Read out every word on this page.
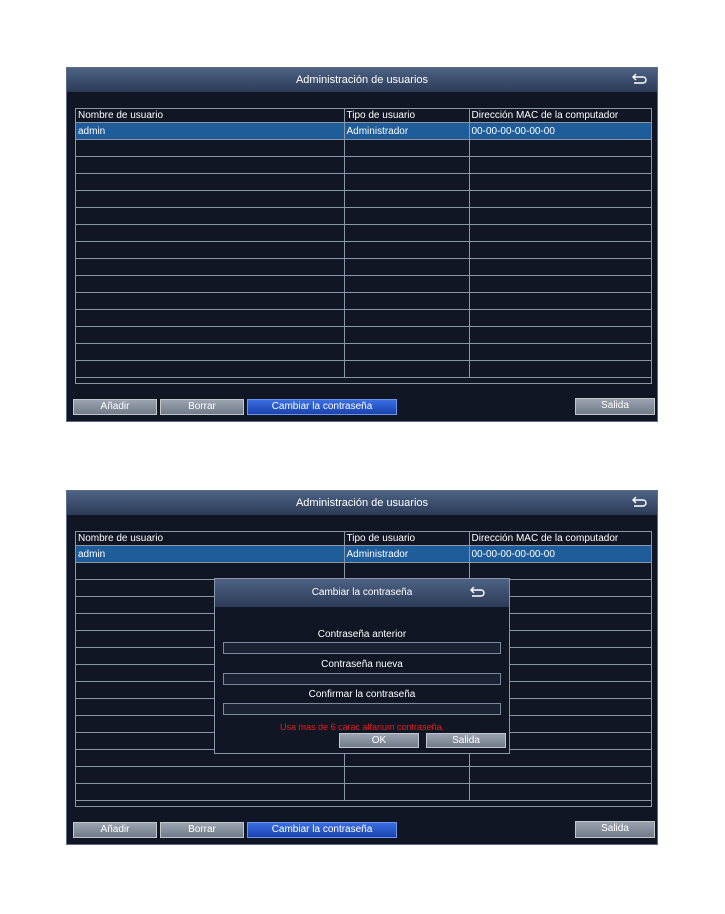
Administración de usuarios
Nombre de usuario	Tipo de usuario	Dirección MAC de la computador
admin	Administrador	00-00-00-00-00-00

Añadir	Borrar	Cambiar la contraseña	Salida
Administración de usuarios
Nombre de usuario	Tipo de usuario	Dirección MAC de la computador
admin	Administrador	00-00-00-00-00-00

Añadir	Borrar	Cambiar la contraseña	Salida
Cambiar la contraseña
Contraseña anterior
Contraseña nueva
Confirmar la contraseña
Usa mas de 6 carac alfanum contraseña.
OK	Salida
